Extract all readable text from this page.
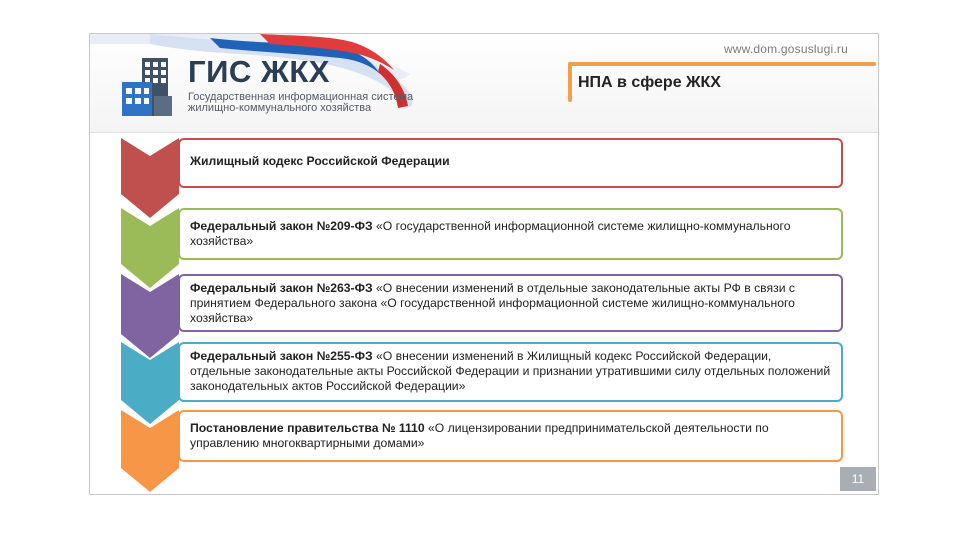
ГИС ЖКХ
Государственная информационная система жилищно-коммунального хозяйства
www.dom.gosuslugi.ru
НПА в сфере ЖКХ
Жилищный кодекс Российской Федерации
Федеральный закон №209-ФЗ «О государственной информационной системе жилищно-коммунального хозяйства»
Федеральный закон №263-ФЗ «О внесении изменений в отдельные законодательные акты РФ в связи с принятием Федерального закона «О государственной информационной системе жилищно-коммунального хозяйства»
Федеральный закон №255-ФЗ «О внесении изменений в Жилищный кодекс Российской Федерации, отдельные законодательные акты Российской Федерации и признании утратившими силу отдельных положений законодательных актов Российской Федерации»
Постановление правительства № 1110 «О лицензировании предпринимательской деятельности по управлению многоквартирными домами»
11
